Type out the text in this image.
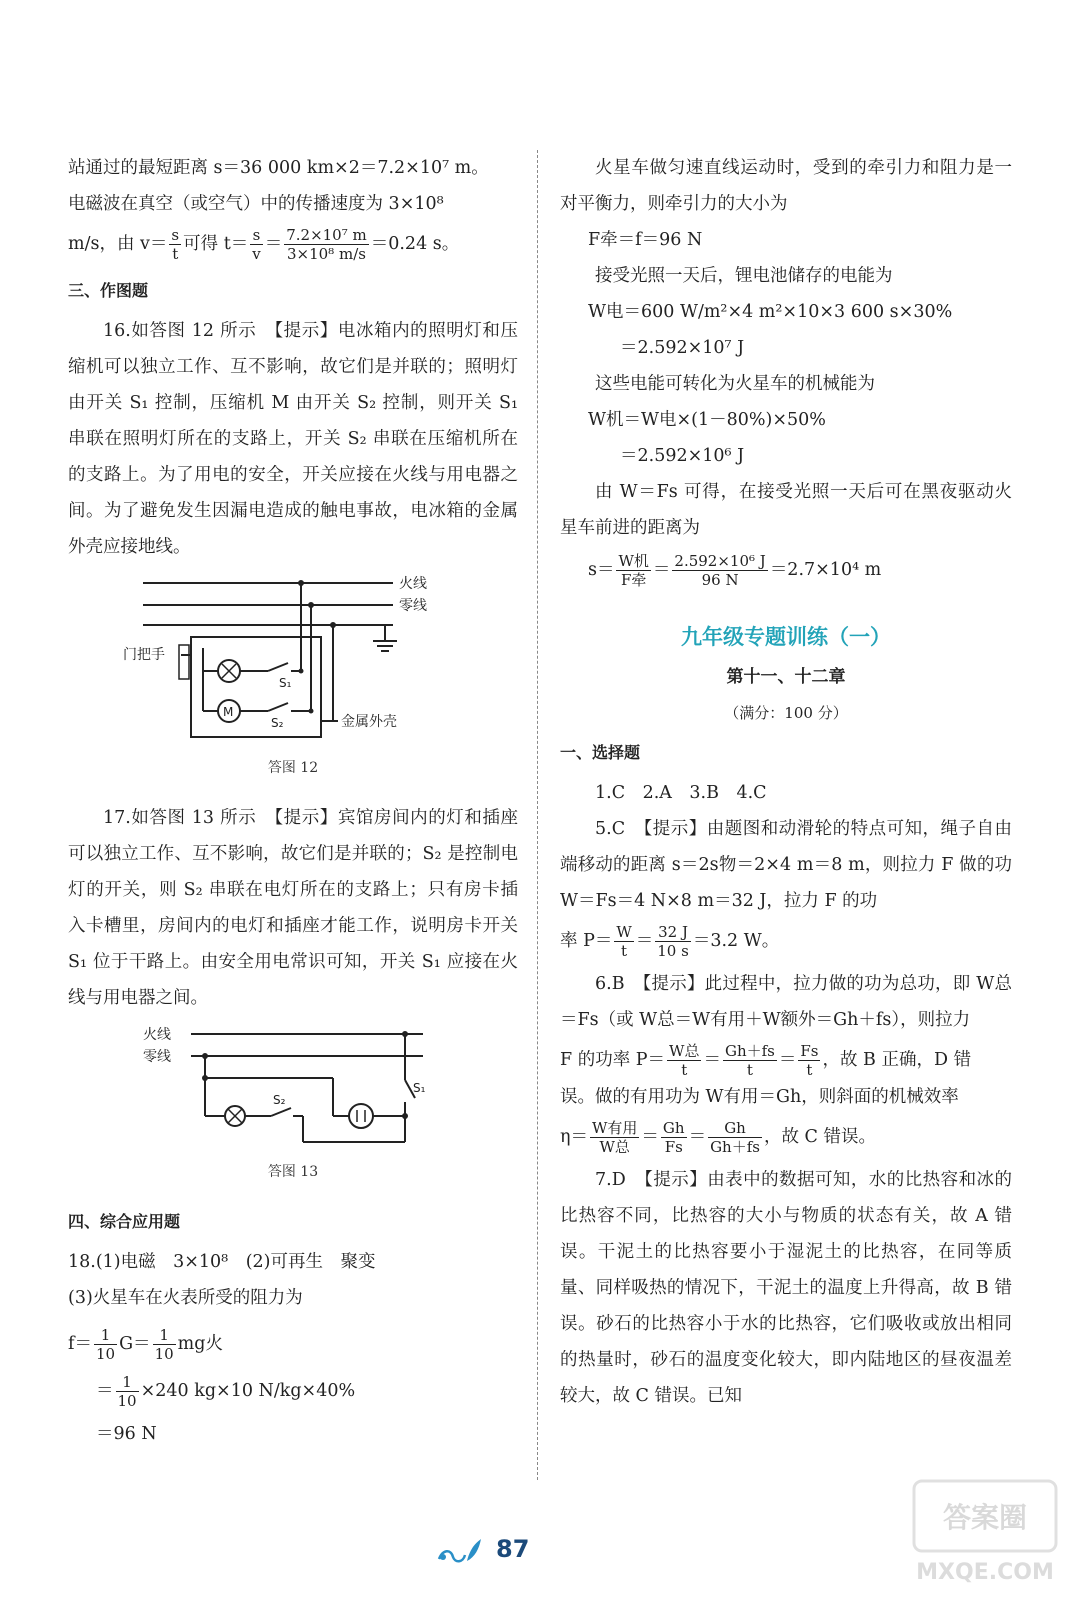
站通过的最短距离 s＝36 000 km×2＝7.2×10⁷ m。

电磁波在真空（或空气）中的传播速度为 3×10⁸

m/s，由 $v= \frac{s}{t}$ 可得 $t= \frac{s}{v} = \frac{\text{7.2×10⁷ m}}{\text{3×10⁸ m/s}} =0.24$ s。

三、作图题

16.如答图 12 所示　【提示】电冰箱内的照明灯和压缩机可以独立工作、互不影响，故它们是并联的；照明灯由开关 S₁ 控制，压缩机 M 由开关 S₂ 控制，则开关 S₁ 串联在照明灯所在的支路上，开关 S₂ 串联在压缩机所在的支路上。为了用电的安全，开关应接在火线与用电器之间。为了避免发生因漏电造成的触电事故，电冰箱的金属外壳应接地线。

火线
零线
门把手
M
S₁
S₂	金属外壳

答图 12

17.如答图 13 所示　【提示】宾馆房间内的灯和插座可以独立工作、互不影响，故它们是并联的；S₂ 是控制电灯的开关，则 S₂ 串联在电灯所在的支路上；只有房卡插入卡槽里，房间内的电灯和插座才能工作，说明房卡开关 S₁ 位于干路上。由安全用电常识可知，开关 S₁ 应接在火线与用电器之间。

火线
零线
S₁
S₂

答图 13

四、综合应用题

18.(1)电磁　3×10⁸　(2)可再生　聚变

(3)火星车在火表所受的阻力为

$f= \frac{1}{10} G= \frac{1}{10}$ mg火

＝ $\frac{1}{10} \times 240$ kg×10 N/kg×40%

＝96 N

火星车做匀速直线运动时，受到的牵引力和阻力是一对平衡力，则牵引力的大小为

F牵＝f＝96 N

接受光照一天后，锂电池储存的电能为

W电＝600 W/m²×4 m²×10×3 600 s×30%

＝2.592×10⁷ J

这些电能可转化为火星车的机械能为

W机＝W电×(1－80%)×50%

＝2.592×10⁶ J

由 W＝Fs 可得，在接受光照一天后可在黑夜驱动火星车前进的距离为

$s= \frac{\text{W机}}{\text{F牵}} = \frac{\text{2.592×10⁶ J}}{96 N} =2.7\times 10^4$ m

九年级专题训练（一）

第十一、十二章

（满分：100 分）

一、选择题

1.C　2.A　3.B　4.C

5.C　【提示】由题图和动滑轮的特点可知，绳子自由端移动的距离 s＝2s物＝2×4 m＝8 m，则拉力 F 做的功 W＝Fs＝4 N×8 m＝32 J，拉力 F 的功

率 $P= \frac{W}{t} = \frac{32 J}{10 s} =3.2$ W。

6.B　【提示】此过程中，拉力做的功为总功，即 W总＝Fs（或 W总＝W有用＋W额外＝Gh＋fs），则拉力

F 的功率 $P= \frac{\text{W总}}{t} = \frac{Gh+fs}{t} = \frac{Fs}{t}$ ，故 B 正确，D 错

误。做的有用功为 W有用＝Gh，则斜面的机械效率

$\eta= \frac{\text{W有用}}{\text{W总}} = \frac{Gh}{Fs} = \frac{Gh}{Gh+fs}$ ，故 C 错误。

7.D　【提示】由表中的数据可知，水的比热容和冰的比热容不同，比热容的大小与物质的状态有关，故 A 错误。干泥土的比热容要小于湿泥土的比热容，在同等质量、同样吸热的情况下，干泥土的温度上升得高，故 B 错误。砂石的比热容小于水的比热容，它们吸收或放出相同的热量时，砂石的温度变化较大，即内陆地区的昼夜温差较大，故 C 错误。已知

87
答案圈
MXQE.COM
